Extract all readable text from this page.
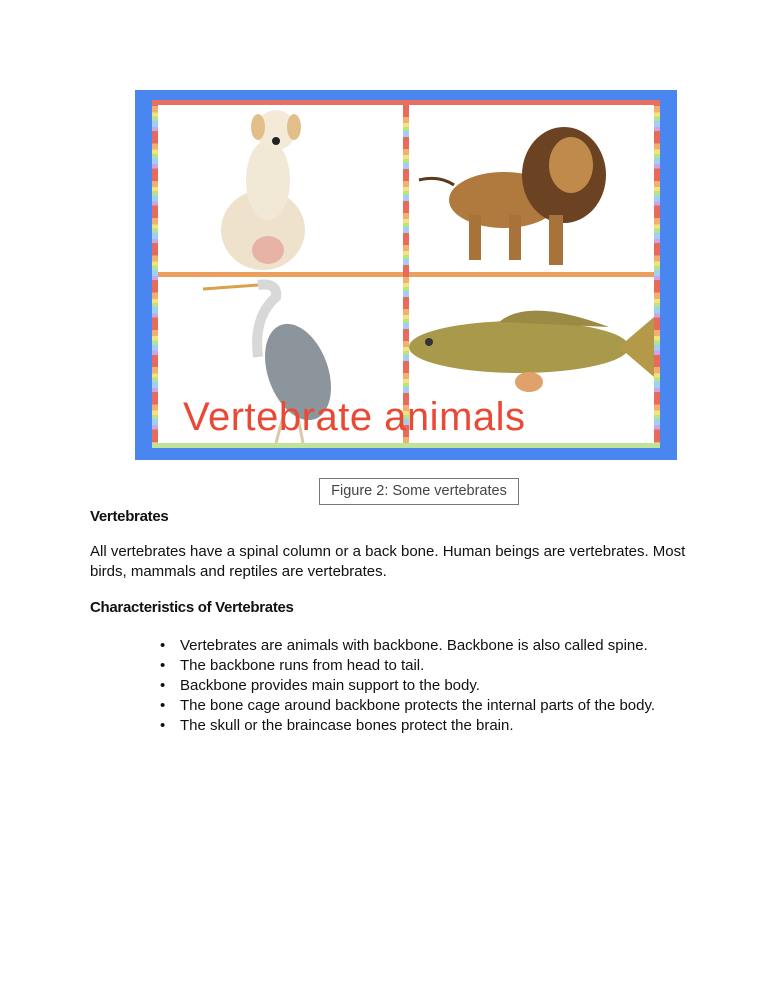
Vertebrate animals
Figure 2: Some vertebrates
Vertebrates
All vertebrates have a spinal column or a back bone. Human beings are vertebrates. Most birds, mammals and reptiles are vertebrates.
Characteristics of Vertebrates
• Vertebrates are animals with backbone. Backbone is also called spine.
• The backbone runs from head to tail.
• Backbone provides main support to the body.
• The bone cage around backbone protects the internal parts of the body.
• The skull or the braincase bones protect the brain.
